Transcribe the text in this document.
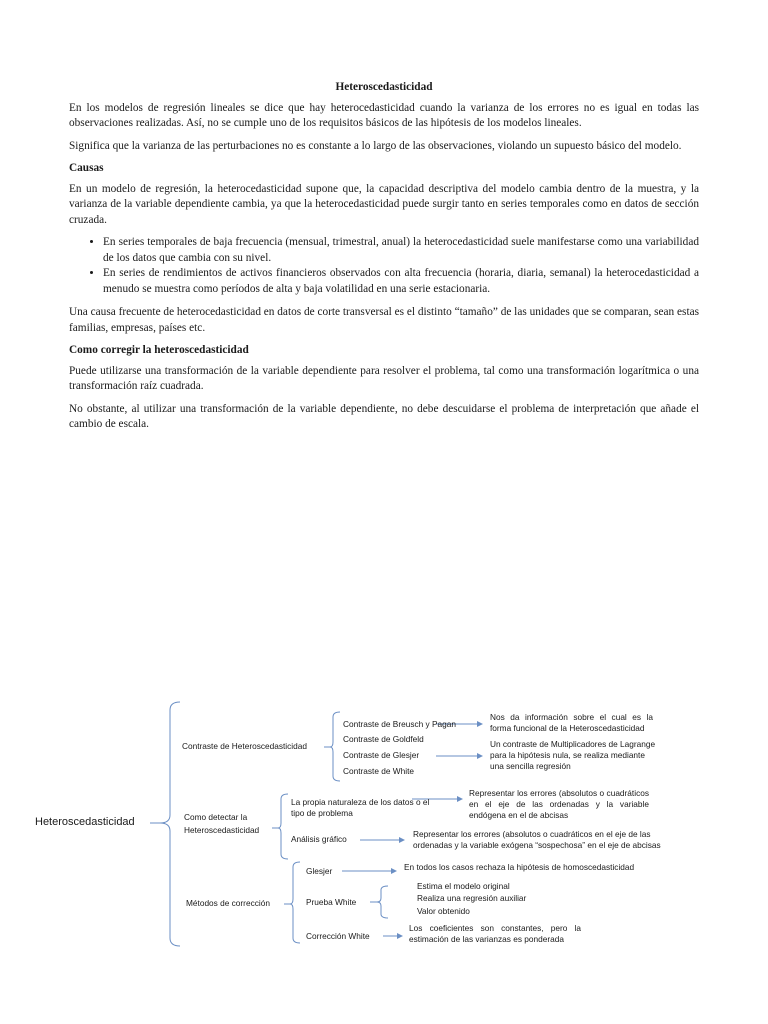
Heteroscedasticidad

En los modelos de regresión lineales se dice que hay heterocedasticidad cuando la varianza de los errores no es igual en todas las observaciones realizadas. Así, no se cumple uno de los requisitos básicos de las hipótesis de los modelos lineales.

Significa que la varianza de las perturbaciones no es constante a lo largo de las observaciones, violando un supuesto básico del modelo.

Causas

En un modelo de regresión, la heterocedasticidad supone que, la capacidad descriptiva del modelo cambia dentro de la muestra, y la varianza de la variable dependiente cambia, ya que la heterocedasticidad puede surgir tanto en series temporales como en datos de sección cruzada.

• En series temporales de baja frecuencia (mensual, trimestral, anual) la heterocedasticidad suele manifestarse como una variabilidad de los datos que cambia con su nivel.
• En series de rendimientos de activos financieros observados con alta frecuencia (horaria, diaria, semanal) la heterocedasticidad a menudo se muestra como períodos de alta y baja volatilidad en una serie estacionaria.

Una causa frecuente de heterocedasticidad en datos de corte transversal es el distinto “tamaño” de las unidades que se comparan, sean estas familias, empresas, países etc.

Como corregir la heteroscedasticidad

Puede utilizarse una transformación de la variable dependiente para resolver el problema, tal como una transformación logarítmica o una transformación raíz cuadrada.

No obstante, al utilizar una transformación de la variable dependiente, no debe descuidarse el problema de interpretación que añade el cambio de escala.

Heteroscedasticidad
Contraste de Heteroscedasticidad
Contraste de Breusch y Pagan
Contraste de Goldfeld
Contraste de Glesjer
Contraste de White
Nos da información sobre el cual es la forma funcional de la Heteroscedasticidad
Un contraste de Multiplicadores de Lagrange para la hipótesis nula, se realiza mediante una sencilla regresión
Como detectar la
Heteroscedasticidad
La propia naturaleza de los datos o el tipo de problema
Análisis gráfico
Representar los errores (absolutos o cuadráticos en el eje de las ordenadas y la variable endógena en el de abcisas
Representar los errores (absolutos o cuadráticos en el eje de las ordenadas y la variable exógena “sospechosa” en el eje de abcisas
Métodos de corrección
Glesjer	En todos los casos rechaza la hipótesis de homoscedasticidad
Prueba White
Estima el modelo original
Realiza una regresión auxiliar
Valor obtenido
Corrección White
Los coeficientes son constantes, pero la estimación de las varianzas es ponderada
